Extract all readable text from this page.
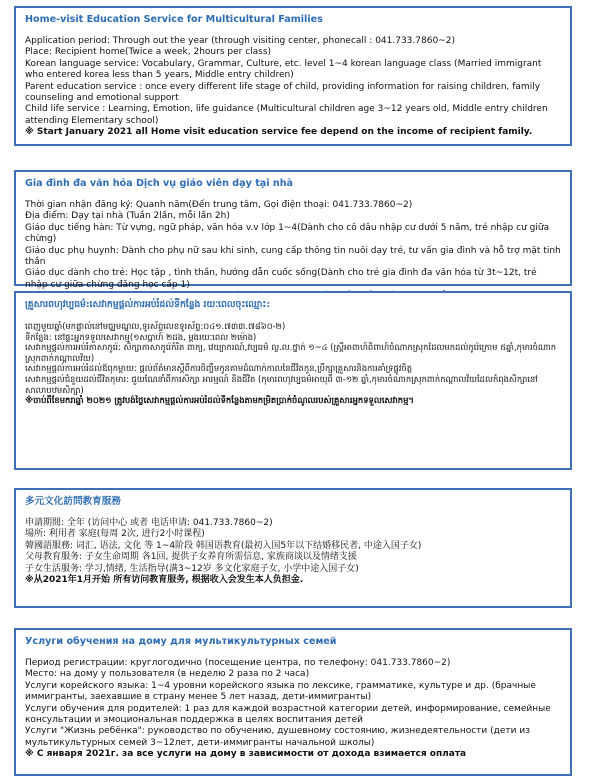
Home-visit Education Service for Multicultural Families

Application period: Through out the year (through visiting center, phonecall : 041.733.7860~2)

Place: Recipient home(Twice a week, 2hours per class)

Korean language service: Vocabulary, Grammar, Culture, etc. level 1~4 korean language class (Married immigrant who entered korea less than 5 years, Middle entry children)

Parent education service : once every different life stage of child, providing information for raising children, family counseling and emotional support

Child life service : Learning, Emotion, life guidance (Multicultural children age 3~12 years old, Middle entry children attending Elementary school)

※ Start January 2021 all Home visit education service fee depend on the income of recipient family.

Gia đình đa văn hóa Dịch vụ giáo viên dạy tại nhà

Thời gian nhận đăng ký: Quanh năm(Đến trung tâm, Gọi điện thoại: 041.733.7860~2)

Địa điểm: Dạy tại nhà (Tuần 2lần, mỗi lần 2h)

Giáo dục tiếng hàn: Từ vựng, ngữ pháp, văn hóa v.v lớp 1~4(Dành cho cô dâu nhập cư dưới 5 năm, trẻ nhập cư giữa chừng)

Giáo dục phụ huynh: Dành cho phụ nữ sau khi sinh, cung cấp thông tin nuôi dạy trẻ, tư vấn gia đình và hỗ trợ mặt tinh thần

Giáo dục dành cho trẻ: Học tập , tình thần, hướng dẫn cuốc sống(Dành cho trẻ gia đình đa văn hóa từ 3t~12t, trẻ nhập cư giữa chừng đăng học cấp 1)

គ្រួសារពហុវប្បធម៌:សេវាកម្មផ្តល់ការអប់រំដល់ទីកន្លែង រយៈពេលចុះឈ្មោះ:

ពេញមួយឆ្នាំ(មកផ្ទាល់នៅមជ្ឈមណ្ឌល,ទូរស័ព្ទលេខទូរស័ព្ទ:០៤១.៧៣៣.៧៨៦០-២)

ទីកន្លែង: នៅផ្ទះអ្នកទទួលសេវាកម្ម(១សប្តាហ៍ ២ដង, ម្តងរយៈពេល ២ម៉ោង)

សេវាកម្មផ្តល់ការអប់រំភាសាកូរ៉េ: សិក្សាភាសាកូរ៉េកំរិត ពាក្យ, វេយ្យាករណ៍,វប្បធម៌ ល្ង.ល.ថ្នាក់ ១~៤ (ស្រ្តីអាពាហ៍ពិពាហ៍ចំណាកស្រុកដែលមកដល់កូរ៉េក្រោម ៥ឆ្នាំ,កុមារចំណាកស្រុកពាក់កណ្តាលវ័យ)

សេវាកម្មផ្តល់ការអប់រំដល់ឪពុកម្តាយ: ផ្តល់ព័ត៌មានស្តីពីការចិញ្ចឹមកូនតាមដំណាក់កាលនៃជីវិតកូន,ប្រឹក្សាគ្រួសារនិងការគាំទ្រផ្លូវចិត្ត

សេវាកម្មផ្តល់ជំនួយដល់ជីវិតកុមារ: ជួយណែនាំពីការសិក្សា អារម្មណ៍ និងជីវិត (កុមារពហុវប្បធម៌អាយុពី ៣-១២ ឆ្នាំ,កុមារចំណាកស្រុកពាក់កណ្តាលវ័យដែលកំពុងសិក្សានៅសាលាបឋមសិក្សា)

※ចាប់ពីខែមករាឆ្នាំ ២០២១ ត្រូវបង់ថ្លៃសេវាកម្មផ្តល់ការអប់រំដល់ទីកន្លែងតាមកម្រិតប្រាក់ចំណូលរបស់គ្រួសារអ្នកទទួលសេវាកម្ម។

多元文化訪問教育服務

申請期間: 全年 (访问中心 或者 电话申请: 041.733.7860~2)

場所: 利用者 家庭(每周 2次, 进行2小时课程)

韓國語服務: 词汇, 语法, 文化 等 1~4阶段 韩国语教育(最初入国5年以下结婚移民者, 中途入国子女)

父母教育服务: 子女生命周期 各1回, 提供子女养育所需信息, 家族商谈以及情绪支援

子女生活服务: 学习,情绪, 生活指导(满3~12岁 多文化家庭子女, 小学中途入国子女)

※从2021年1月开始 所有访问教育服务, 根据收入会发生本人负担金.

Услуги обучения на дому для мультикультурных семей

Период регистрации: круглогодично (посещение центра, по телефону: 041.733.7860~2)

Место: на дому у пользователя (в неделю 2 раза по 2 часа)

Услуги корейского языка: 1~4 уровни корейского языка по лексике, грамматике, культуре и др. (брачные иммигранты, заехавшие в страну менее 5 лет назад, дети-иммигранты)

Услуги обучения для родителей: 1 раз для каждой возрастной категории детей, информирование, семейные консультации и эмоциональная поддержка в целях воспитания детей

Услуги "Жизнь ребёнка": руководство по обучению, душевному состоянию, жизнедеятельности (дети из мультикультурных семей 3~12лет, дети-иммигранты начальной школы)

※ С января 2021г. за все услуги на дому в зависимости от дохода взимается оплата
